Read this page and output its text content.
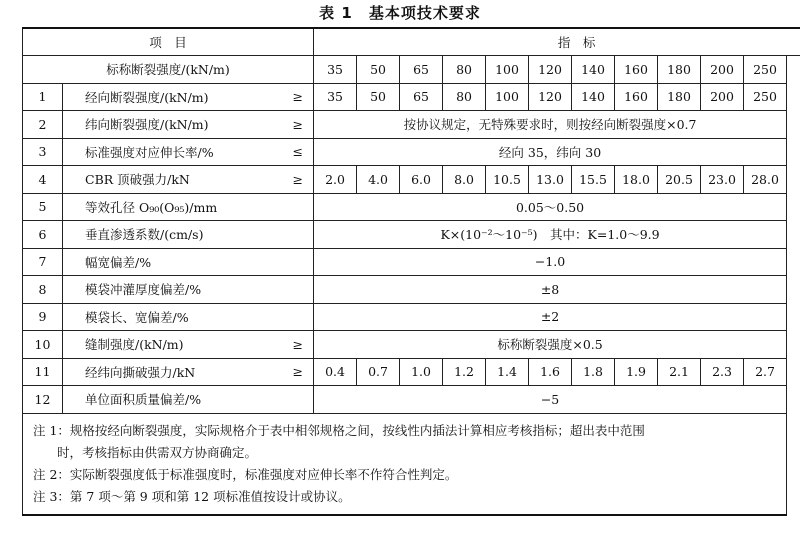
表 1　基本项技术要求
项　目			指　标										
标称断裂强度/(kN/m)			35	50	65	80	100	120	140	160	180	200	250
1	经向断裂强度/(kN/m)	≥	35	50	65	80	100	120	140	160	180	200	250
2	纬向断裂强度/(kN/m)	≥	按协议规定，无特殊要求时，则按经向断裂强度×0.7										
3	标准强度对应伸长率/%	≤	经向 35，纬向 30										
4	CBR 顶破强力/kN	≥	2.0	4.0	6.0	8.0	10.5	13.0	15.5	18.0	20.5	23.0	28.0
5	等效孔径 O₉₀(O₉₅)/mm		0.05～0.50										
6	垂直渗透系数/(cm/s)		K×(10⁻²～10⁻⁵)　其中：K=1.0～9.9										
7	幅宽偏差/%		−1.0										
8	模袋冲灌厚度偏差/%		±8										
9	模袋长、宽偏差/%		±2										
10	缝制强度/(kN/m)	≥	标称断裂强度×0.5										
11	经纬向撕破强力/kN	≥	0.4	0.7	1.0	1.2	1.4	1.6	1.8	1.9	2.1	2.3	2.7
12	单位面积质量偏差/%		−5										

注 1：规格按经向断裂强度，实际规格介于表中相邻规格之间，按线性内插法计算相应考核指标；超出表中范围
时，考核指标由供需双方协商确定。
注 2：实际断裂强度低于标准强度时，标准强度对应伸长率不作符合性判定。
注 3：第 7 项～第 9 项和第 12 项标准值按设计或协议。													
